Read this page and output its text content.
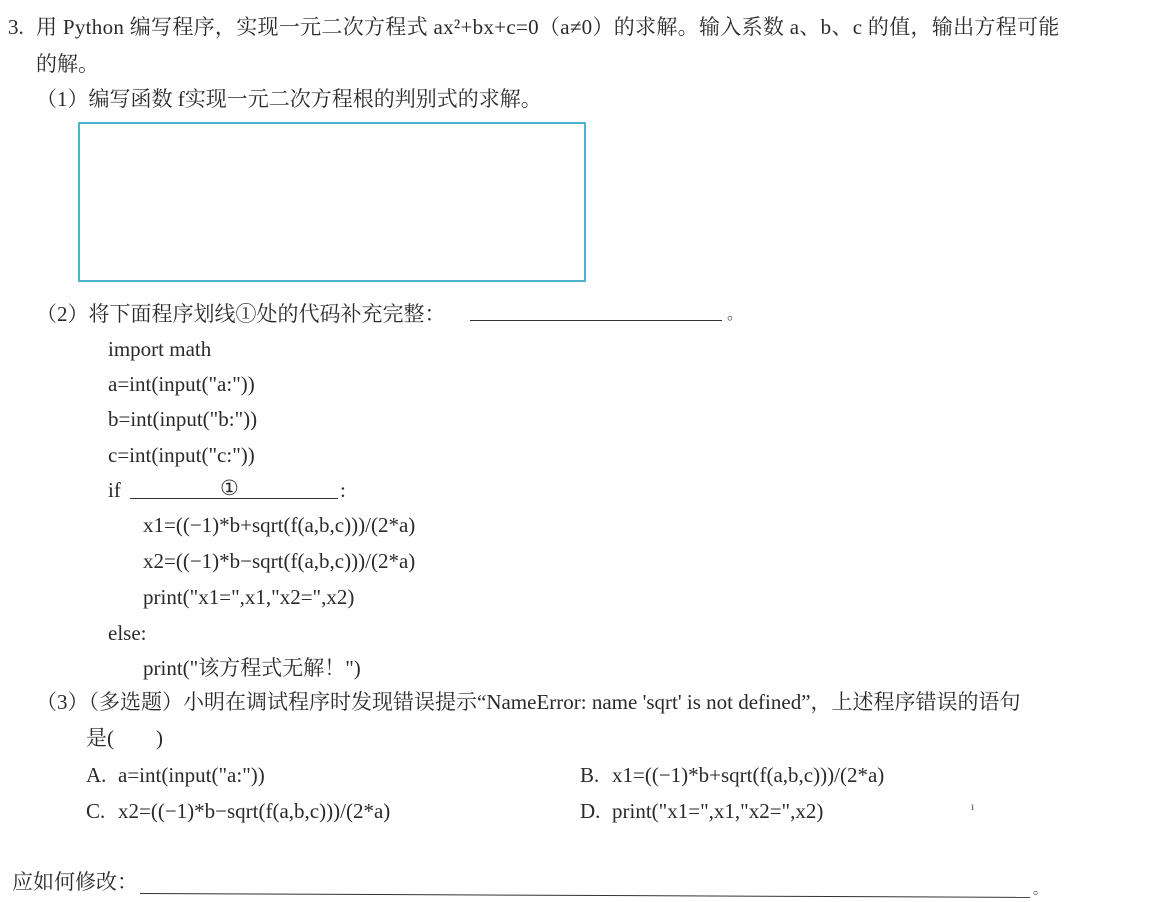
3. 用 Python 编写程序，实现一元二次方程式 ax²+bx+c=0（a≠0）的求解。输入系数 a、b、c 的值，输出方程可能
的解。
（1）编写函数 f实现一元二次方程根的判别式的求解。
（2）将下面程序划线①处的代码补充完整：	。
import math
a=int(input("a:"))
b=int(input("b:"))
c=int(input("c:"))
if	①	:
x1=((−1)*b+sqrt(f(a,b,c)))/(2*a)
x2=((−1)*b−sqrt(f(a,b,c)))/(2*a)
print("x1=",x1,"x2=",x2)
else:
print("该方程式无解！")
（3）（多选题）小明在调试程序时发现错误提示“NameError: name 'sqrt' is not defined”，上述程序错误的语句
是(　　)
A. a=int(input("a:"))	B. x1=((−1)*b+sqrt(f(a,b,c)))/(2*a)
C. x2=((−1)*b−sqrt(f(a,b,c)))/(2*a)	D. print("x1=",x1,"x2=",x2)	ı
应如何修改：	。
